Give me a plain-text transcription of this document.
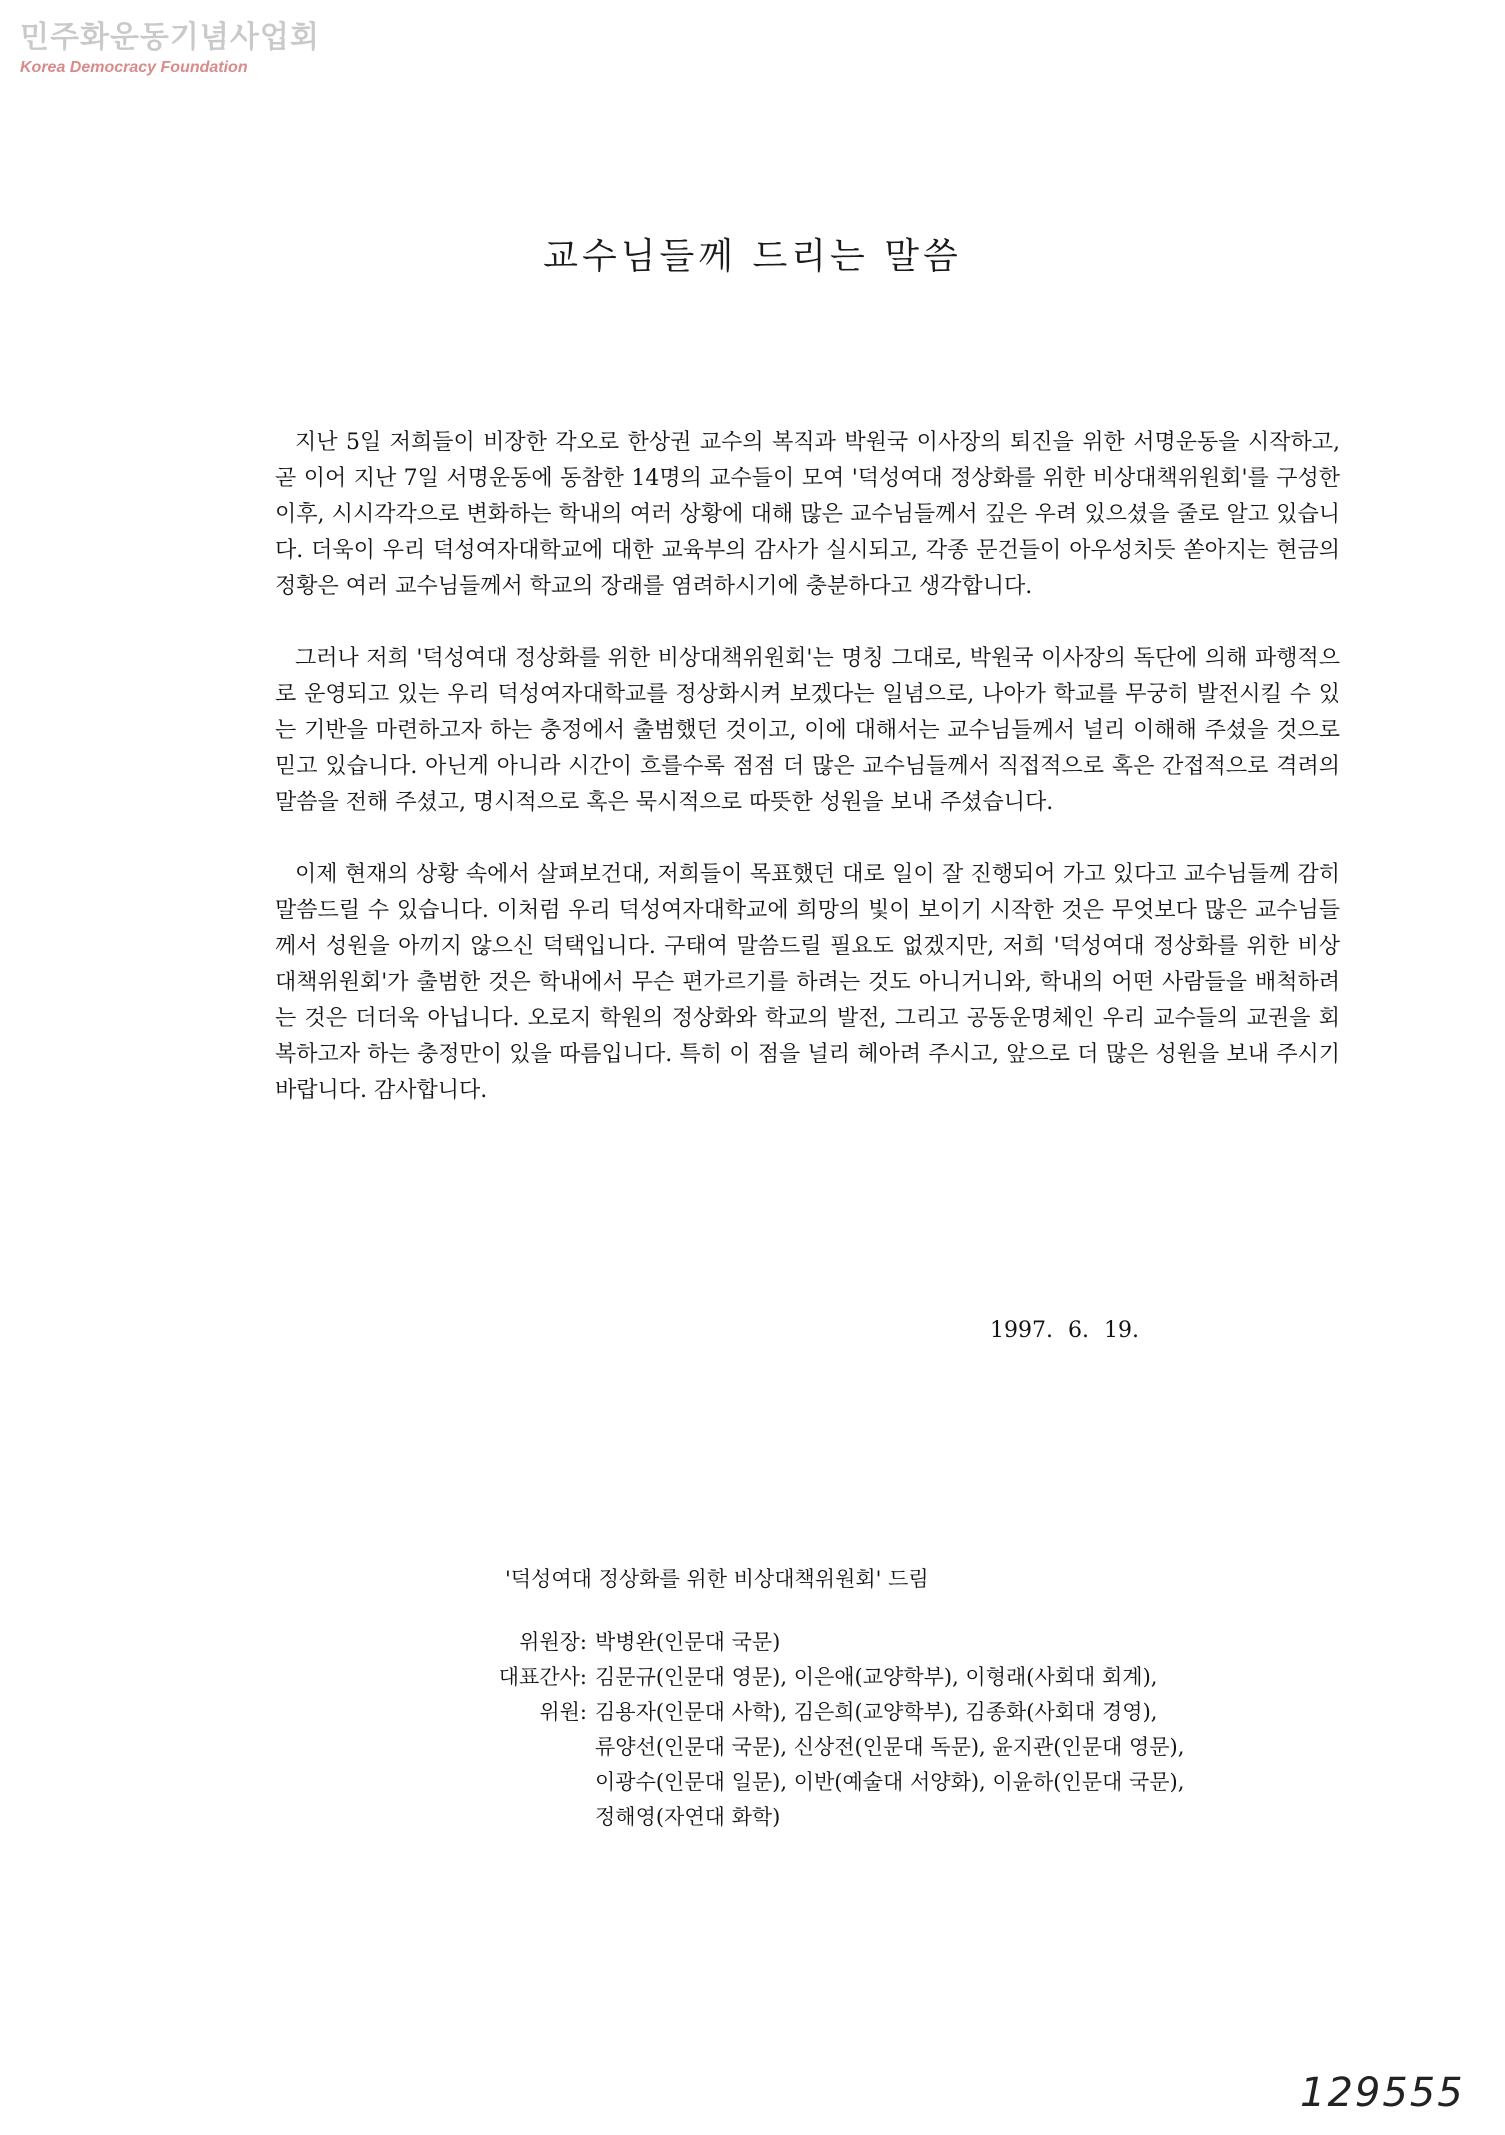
민주화운동기념사업회
Korea Democracy Foundation
교수님들께 드리는 말씀

지난 5일 저희들이 비장한 각오로 한상권 교수의 복직과 박원국 이사장의 퇴진을 위한 서명운동을 시작하고, 곧 이어 지난 7일 서명운동에 동참한 14명의 교수들이 모여 '덕성여대 정상화를 위한 비상대책위원회'를 구성한 이후, 시시각각으로 변화하는 학내의 여러 상황에 대해 많은 교수님들께서 깊은 우려 있으셨을 줄로 알고 있습니다. 더욱이 우리 덕성여자대학교에 대한 교육부의 감사가 실시되고, 각종 문건들이 아우성치듯 쏟아지는 현금의 정황은 여러 교수님들께서 학교의 장래를 염려하시기에 충분하다고 생각합니다.

그러나 저희 '덕성여대 정상화를 위한 비상대책위원회'는 명칭 그대로, 박원국 이사장의 독단에 의해 파행적으로 운영되고 있는 우리 덕성여자대학교를 정상화시켜 보겠다는 일념으로, 나아가 학교를 무궁히 발전시킬 수 있는 기반을 마련하고자 하는 충정에서 출범했던 것이고, 이에 대해서는 교수님들께서 널리 이해해 주셨을 것으로 믿고 있습니다. 아닌게 아니라 시간이 흐를수록 점점 더 많은 교수님들께서 직접적으로 혹은 간접적으로 격려의 말씀을 전해 주셨고, 명시적으로 혹은 묵시적으로 따뜻한 성원을 보내 주셨습니다.

이제 현재의 상황 속에서 살펴보건대, 저희들이 목표했던 대로 일이 잘 진행되어 가고 있다고 교수님들께 감히 말씀드릴 수 있습니다. 이처럼 우리 덕성여자대학교에 희망의 빛이 보이기 시작한 것은 무엇보다 많은 교수님들께서 성원을 아끼지 않으신 덕택입니다. 구태여 말씀드릴 필요도 없겠지만, 저희 '덕성여대 정상화를 위한 비상대책위원회'가 출범한 것은 학내에서 무슨 편가르기를 하려는 것도 아니거니와, 학내의 어떤 사람들을 배척하려는 것은 더더욱 아닙니다. 오로지 학원의 정상화와 학교의 발전, 그리고 공동운명체인 우리 교수들의 교권을 회복하고자 하는 충정만이 있을 따름입니다. 특히 이 점을 널리 헤아려 주시고, 앞으로 더 많은 성원을 보내 주시기 바랍니다. 감사합니다.

1997. 6. 19.
'덕성여대 정상화를 위한 비상대책위원회' 드림
위원장: 박병완(인문대 국문)
대표간사: 김문규(인문대 영문), 이은애(교양학부), 이형래(사회대 회계),
위원: 김용자(인문대 사학), 김은희(교양학부), 김종화(사회대 경영),
류양선(인문대 국문), 신상전(인문대 독문), 윤지관(인문대 영문),
이광수(인문대 일문), 이반(예술대 서양화), 이윤하(인문대 국문),
정해영(자연대 화학)
129555
